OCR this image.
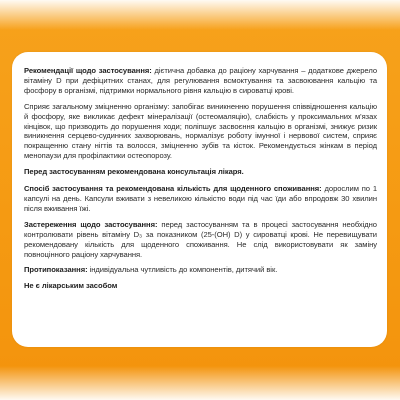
Рекомендації щодо застосування: дієтична добавка до раціону харчування – додаткове джерело вітаміну D при дефіцитних станах, для регулювання всмоктування та засвоювання кальцію та фосфору в організмі, підтримки нормального рівня кальцію в сироватці крові.

Сприяє загальному зміцненню організму: запобігає виникненню порушення співвідношення кальцію й фосфору, яке викликає дефект мінералізації (остеомаляцію), слабкість у проксимальних м'язах кінцівок, що призводить до порушення ходи; поліпшує засвоєння кальцію в організмі, знижує ризик виникнення серцево-судинних захворювань, нормалізує роботу імунної і нервової систем, сприяє покращенню стану нігтів та волосся, зміцненню зубів та кісток. Рекомендується жінкам в період менопаузи для профілактики остеопорозу.

Перед застосуванням рекомендована консультація лікаря.

Спосіб застосування та рекомендована кількість для щоденного споживання: дорослим по 1 капсулі на день. Капсули вживати з невеликою кількістю води під час їди або впродовж 30 хвилин після вживання їжі.

Застереження щодо застосування: перед застосуванням та в процесі застосування необхідно контролювати рівень вітаміну D₃ за показником (25-(ОН) D) у сироватці крові. Не перевищувати рекомендовану кількість для щоденного споживання. Не слід використовувати як заміну повноцінного раціону харчування.

Протипоказання: індивідуальна чутливість до компонентів, дитячий вік.

Не є лікарським засобом
